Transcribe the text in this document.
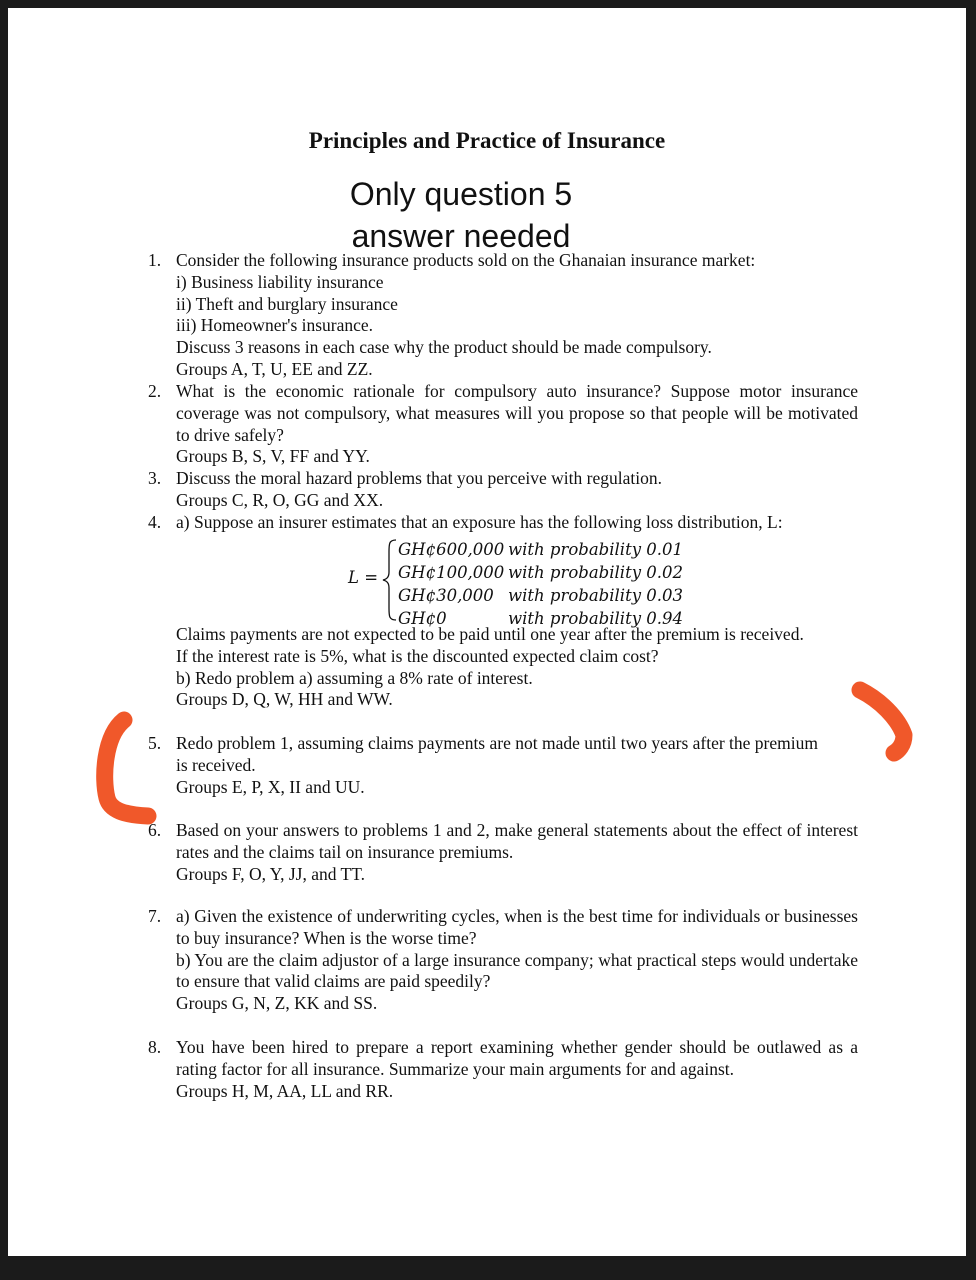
Principles and Practice of Insurance
Only question 5
answer needed
1. Consider the following insurance products sold on the Ghanaian insurance market:
i) Business liability insurance
ii) Theft and burglary insurance
iii) Homeowner's insurance.
Discuss 3 reasons in each case why the product should be made compulsory.
Groups A, T, U, EE and ZZ.
2. What is the economic rationale for compulsory auto insurance? Suppose motor insurance coverage was not compulsory, what measures will you propose so that people will be motivated to drive safely?
Groups B, S, V, FF and YY.
3. Discuss the moral hazard problems that you perceive with regulation.
Groups C, R, O, GG and XX.
4. a) Suppose an insurer estimates that an exposure has the following loss distribution, L:
L =
GH¢600,000 with probability 0.01
GH¢100,000 with probability 0.02
GH¢30,000 with probability 0.03
GH¢0	with probability 0.94
Claims payments are not expected to be paid until one year after the premium is received.
If the interest rate is 5%, what is the discounted expected claim cost?
b) Redo problem a) assuming a 8% rate of interest.
Groups D, Q, W, HH and WW.
5. Redo problem 1, assuming claims payments are not made until two years after the premium
is received.
Groups E, P, X, II and UU.
6. Based on your answers to problems 1 and 2, make general statements about the effect of interest rates and the claims tail on insurance premiums.
Groups F, O, Y, JJ, and TT.
7. a) Given the existence of underwriting cycles, when is the best time for individuals or businesses to buy insurance? When is the worse time?
b) You are the claim adjustor of a large insurance company; what practical steps would undertake to ensure that valid claims are paid speedily?
Groups G, N, Z, KK and SS.
8. You have been hired to prepare a report examining whether gender should be outlawed as a rating factor for all insurance. Summarize your main arguments for and against.
Groups H, M, AA, LL and RR.
